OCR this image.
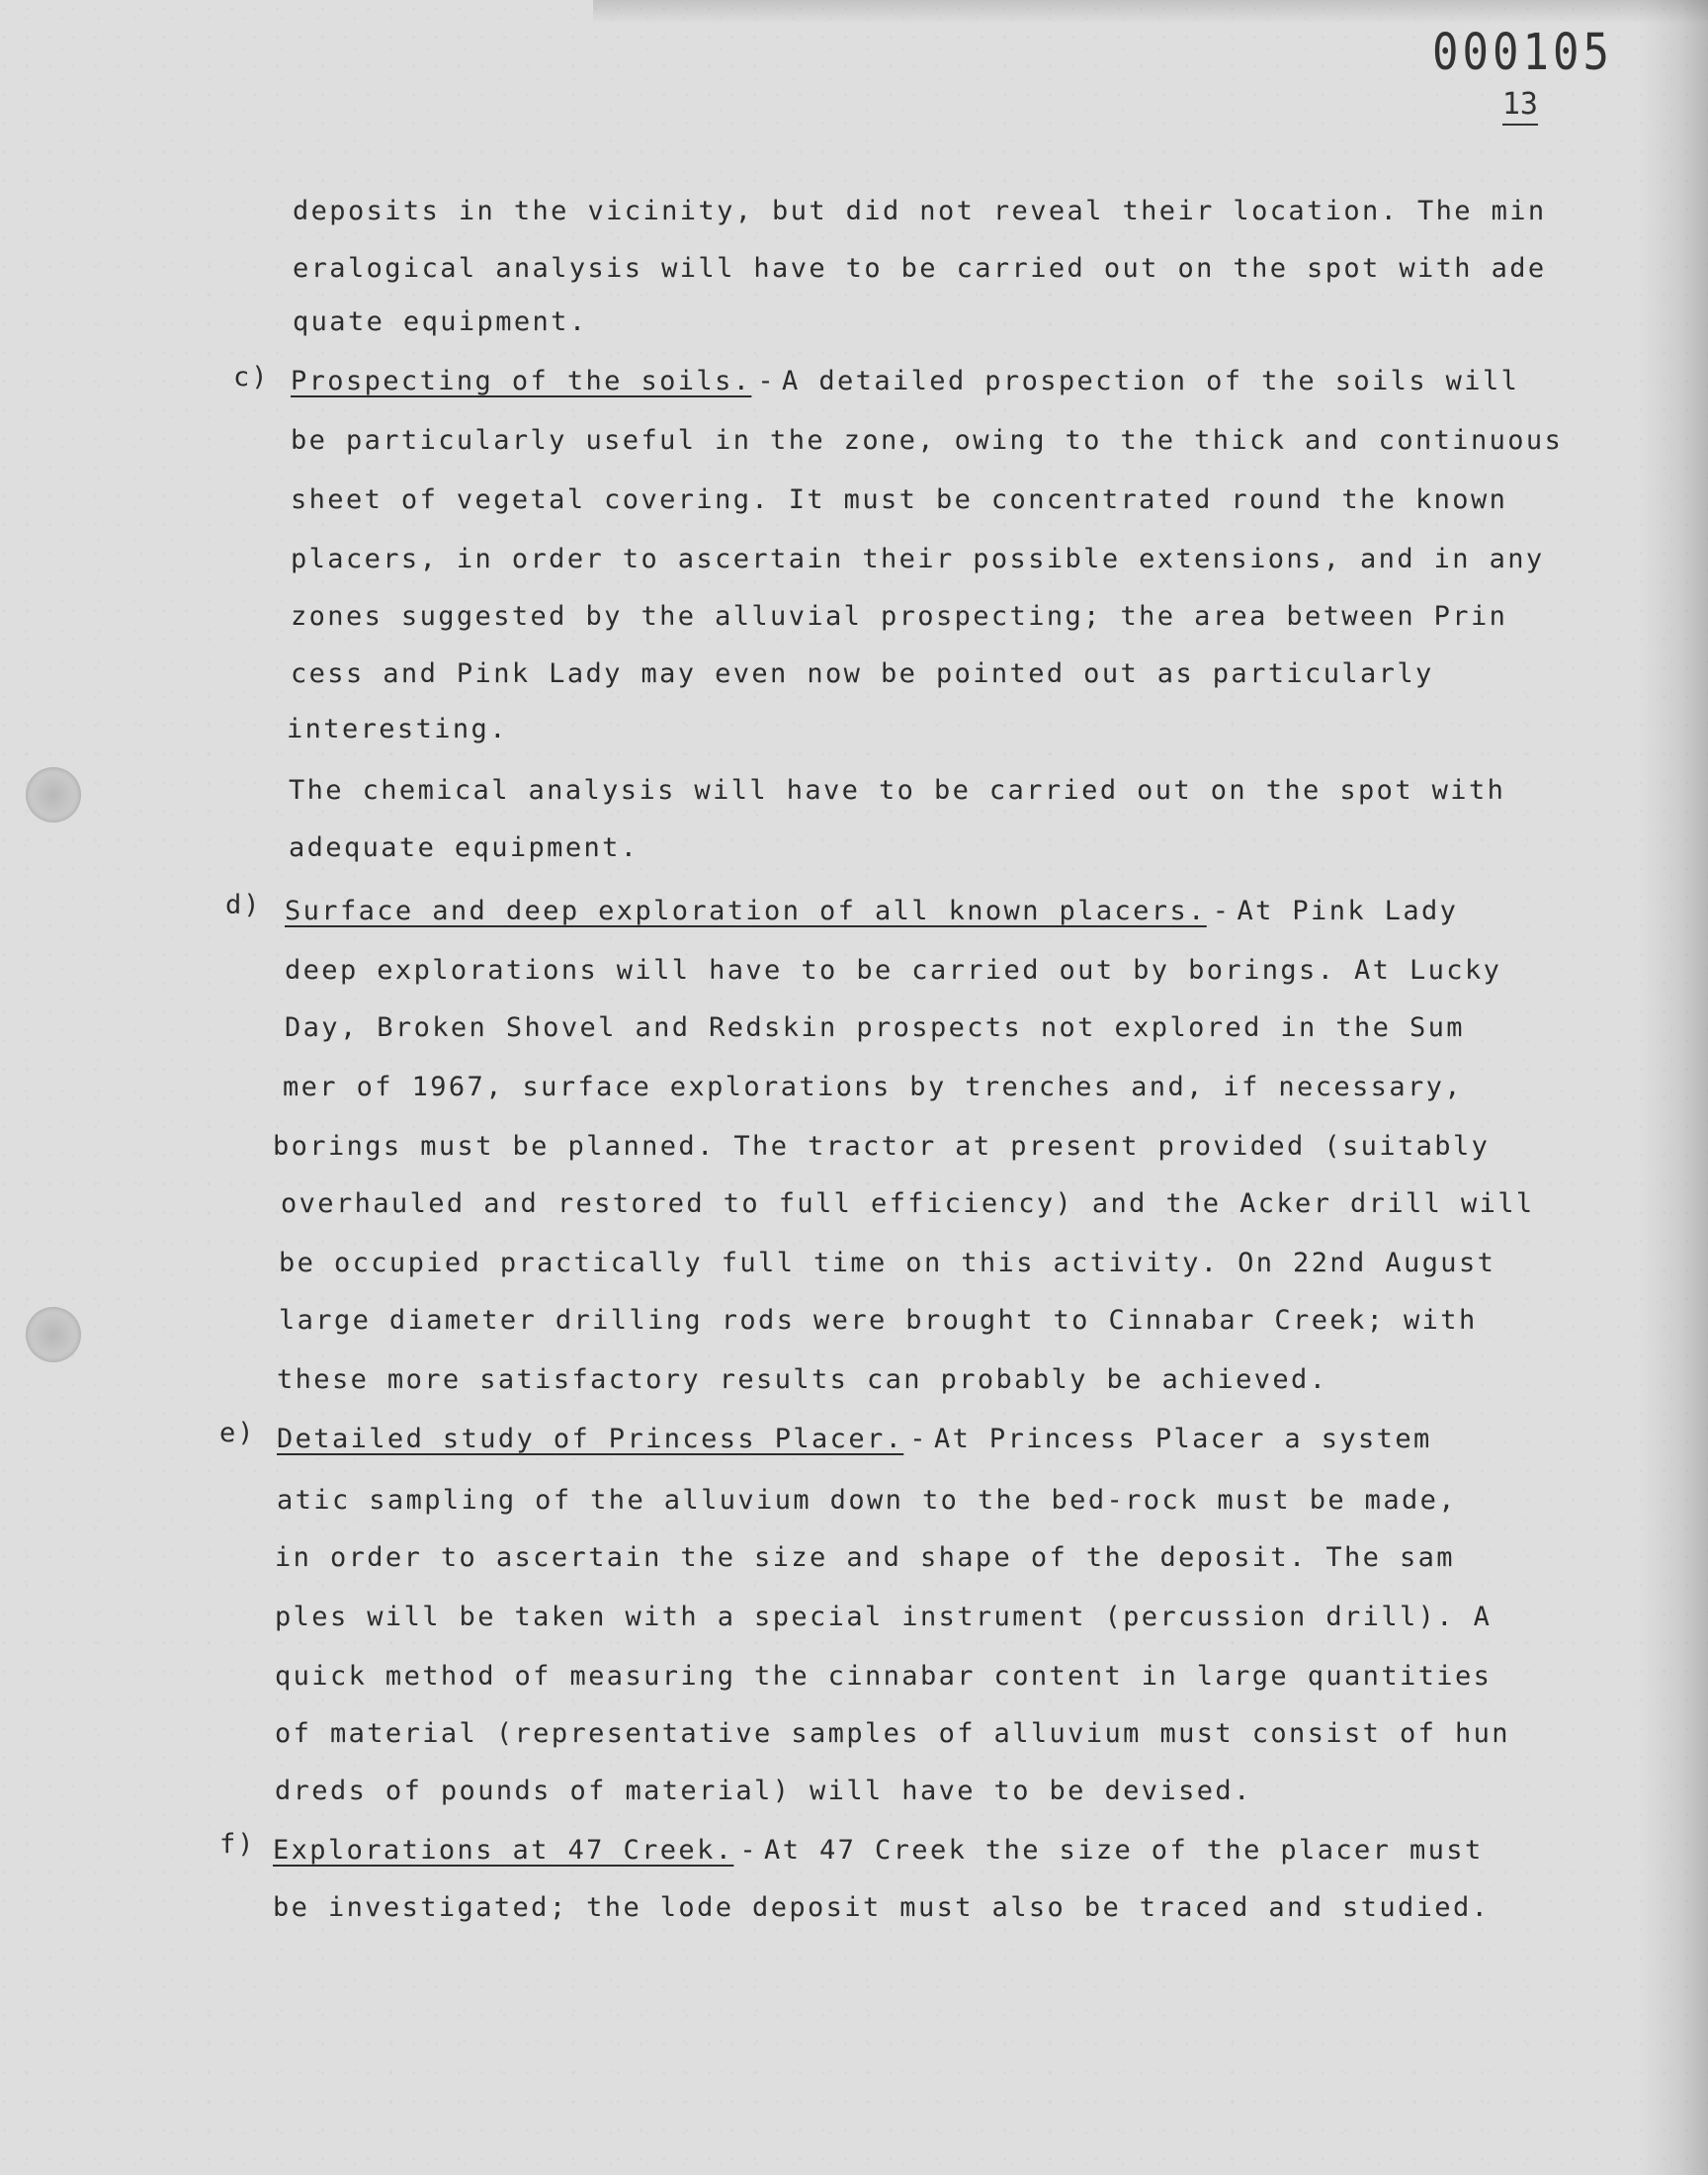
000105
13
deposits in the vicinity, but did not reveal their location. The min
eralogical analysis will have to be carried out on the spot with ade
quate equipment.
c) Prospecting of the soils. - A detailed prospection of the soils will
be particularly useful in the zone, owing to the thick and continuous
sheet of vegetal covering. It must be concentrated round the known
placers, in order to ascertain their possible extensions, and in any
zones suggested by the alluvial prospecting; the area between Prin
cess and Pink Lady may even now be pointed out as particularly
interesting.
The chemical analysis will have to be carried out on the spot with
adequate equipment.
d) Surface and deep exploration of all known placers. - At Pink Lady
deep explorations will have to be carried out by borings. At Lucky
Day, Broken Shovel and Redskin prospects not explored in the Sum
mer of 1967, surface explorations by trenches and, if necessary,
borings must be planned. The tractor at present provided (suitably
overhauled and restored to full efficiency) and the Acker drill will
be occupied practically full time on this activity. On 22nd August
large diameter drilling rods were brought to Cinnabar Creek; with
these more satisfactory results can probably be achieved.
e) Detailed study of Princess Placer. - At Princess Placer a system
atic sampling of the alluvium down to the bed-rock must be made,
in order to ascertain the size and shape of the deposit. The sam
ples will be taken with a special instrument (percussion drill). A
quick method of measuring the cinnabar content in large quantities
of material (representative samples of alluvium must consist of hun
dreds of pounds of material) will have to be devised.
f) Explorations at 47 Creek. - At 47 Creek the size of the placer must
be investigated; the lode deposit must also be traced and studied.
